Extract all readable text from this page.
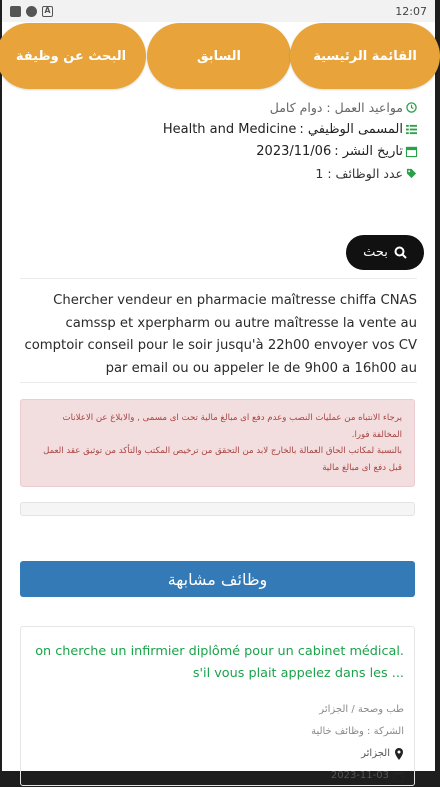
A	12:07
البحث عن وظيفة	السابق	القائمة الرئيسية
مواعيد العمل : دوام كامل
المسمى الوظيفي :
Health and Medicine
تاريخ النشر :
2023/11/06
عدد الوظائف : 1
بحث
Chercher vendeur en pharmacie maîtresse chiffa CNAS camssp et xperpharm ou autre maîtresse la vente au comptoir conseil pour le soir jusqu'à 22h00 envoyer vos CV par email ou ou appeler le de 9h00 a 16h00 au
يرجاء الانتباه من عمليات النصب وعدم دفع اى مبالغ مالية تحت اى مسمى , والابلاغ عن الاعلانات المخالفة فورا.
بالنسبة لمكاتب الحاق العمالة بالخارج لابد من التحقق من ترخيص المكتب والتأكد من توثيق عقد العمل قبل دفع اى مبالغ مالية
وظائف مشابهة
on cherche un infirmier diplômé pour un cabinet médical. s'il vous plait appelez dans les ...
طب وصحة / الجزائر
الشركة : وظائف خالية
الجزائر
2023-11-03
